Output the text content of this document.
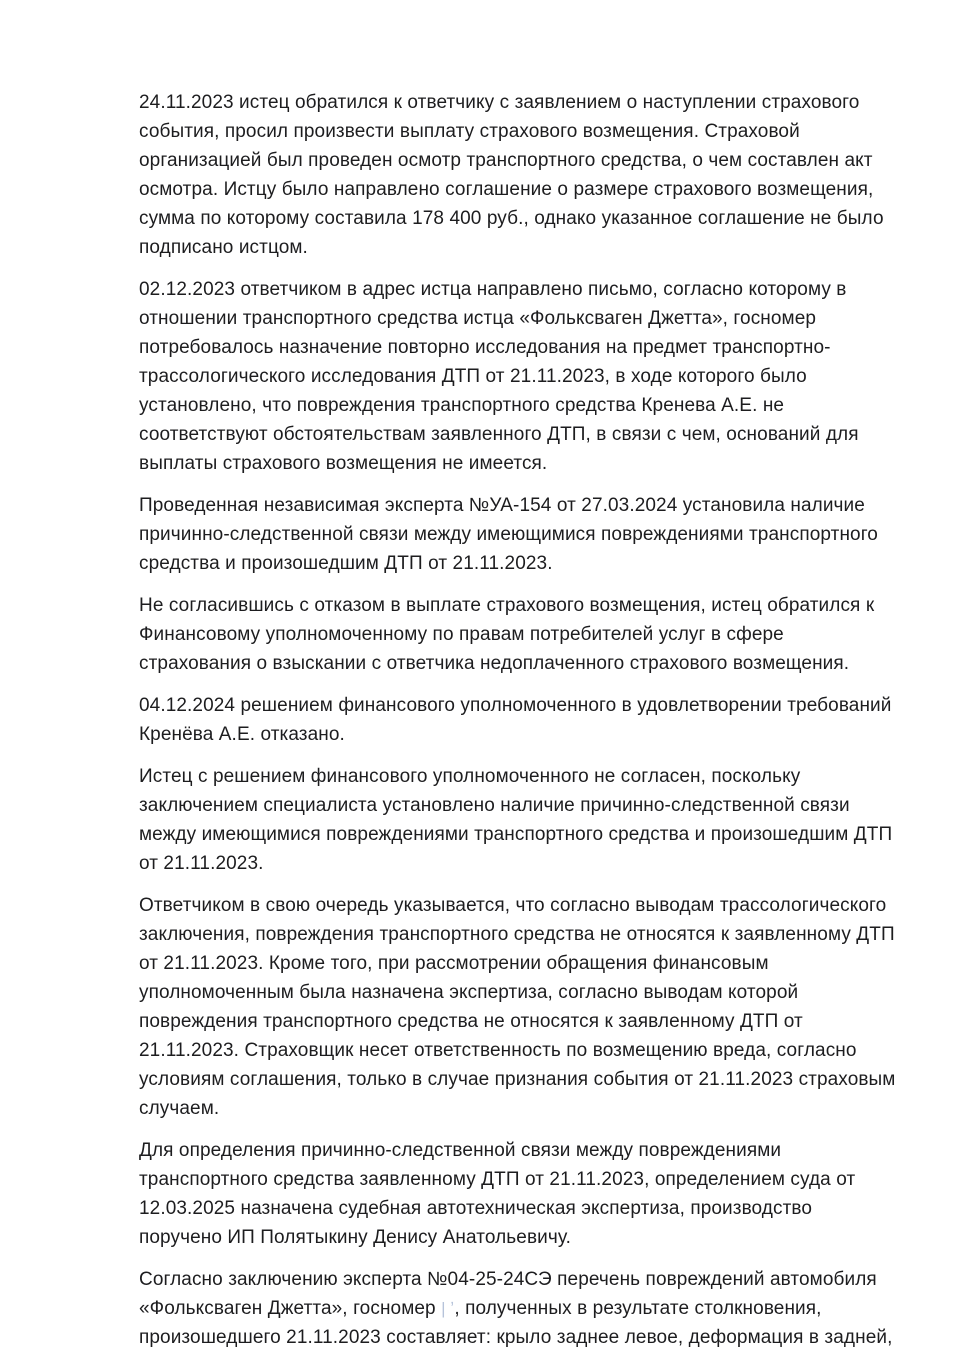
24.11.2023 истец обратился к ответчику с заявлением о наступлении страхового события, просил произвести выплату страхового возмещения. Страховой организацией был проведен осмотр транспортного средства, о чем составлен акт осмотра. Истцу было направлено соглашение о размере страхового возмещения, сумма по которому составила 178 400 руб., однако указанное соглашение не было подписано истцом.

02.12.2023 ответчиком в адрес истца направлено письмо, согласно которому в отношении транспортного средства истца «Фольксваген Джетта», госномер потребовалось назначение повторно исследования на предмет транспортно-трассологического исследования ДТП от 21.11.2023, в ходе которого было установлено, что повреждения транспортного средства Кренева А.Е. не соответствуют обстоятельствам заявленного ДТП, в связи с чем, оснований для выплаты страхового возмещения не имеется.

Проведенная независимая эксперта №УА-154 от 27.03.2024 установила наличие причинно-следственной связи между имеющимися повреждениями транспортного средства и произошедшим ДТП от 21.11.2023.

Не согласившись с отказом в выплате страхового возмещения, истец обратился к Финансовому уполномоченному по правам потребителей услуг в сфере страхования о взыскании с ответчика недоплаченного страхового возмещения.

04.12.2024 решением финансового уполномоченного в удовлетворении требований Кренёва А.Е. отказано.

Истец с решением финансового уполномоченного не согласен, поскольку заключением специалиста установлено наличие причинно-следственной связи между имеющимися повреждениями транспортного средства и произошедшим ДТП от 21.11.2023.

Ответчиком в свою очередь указывается, что согласно выводам трассологического заключения, повреждения транспортного средства не относятся к заявленному ДТП от 21.11.2023. Кроме того, при рассмотрении обращения финансовым уполномоченным была назначена экспертиза, согласно выводам которой повреждения транспортного средства не относятся к заявленному ДТП от 21.11.2023. Страховщик несет ответственность по возмещению вреда, согласно условиям соглашения, только в случае признания события от 21.11.2023 страховым случаем.

Для определения причинно-следственной связи между повреждениями транспортного средства заявленному ДТП от 21.11.2023, определением суда от 12.03.2025 назначена судебная автотехническая экспертиза, производство поручено ИП Полятыкину Денису Анатольевичу.

Согласно заключению эксперта №04-25-24СЭ перечень повреждений автомобиля «Фольксваген Джетта», госномер | ʼ, полученных в результате столкновения, произошедшего 21.11.2023 составляет: крыло заднее левое, деформация в задней,
